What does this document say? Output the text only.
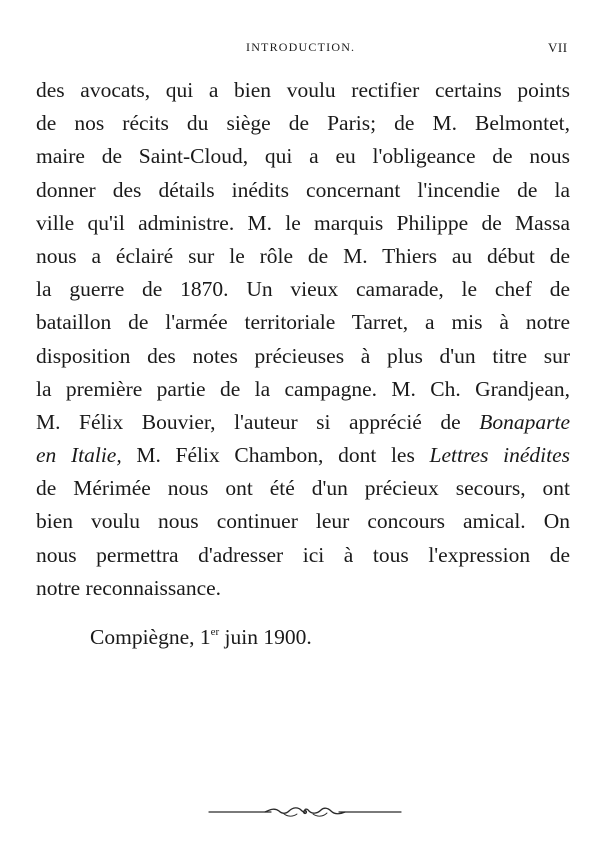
INTRODUCTION.	VII
des avocats, qui a bien voulu rectifier certains points
de nos récits du siège de Paris; de M. Belmontet,
maire de Saint-Cloud, qui a eu l'obligeance de nous
donner des détails inédits concernant l'incendie de la
ville qu'il administre. M. le marquis Philippe de Massa
nous a éclairé sur le rôle de M. Thiers au début de
la guerre de 1870. Un vieux camarade, le chef de
bataillon de l'armée territoriale Tarret, a mis à notre
disposition des notes précieuses à plus d'un titre sur
la première partie de la campagne. M. Ch. Grandjean,
M. Félix Bouvier, l'auteur si apprécié de Bonaparte
en Italie, M. Félix Chambon, dont les Lettres inédites
de Mérimée nous ont été d'un précieux secours, ont
bien voulu nous continuer leur concours amical. On
nous permettra d'adresser ici à tous l'expression de
notre reconnaissance.

Compiègne, 1er juin 1900.
